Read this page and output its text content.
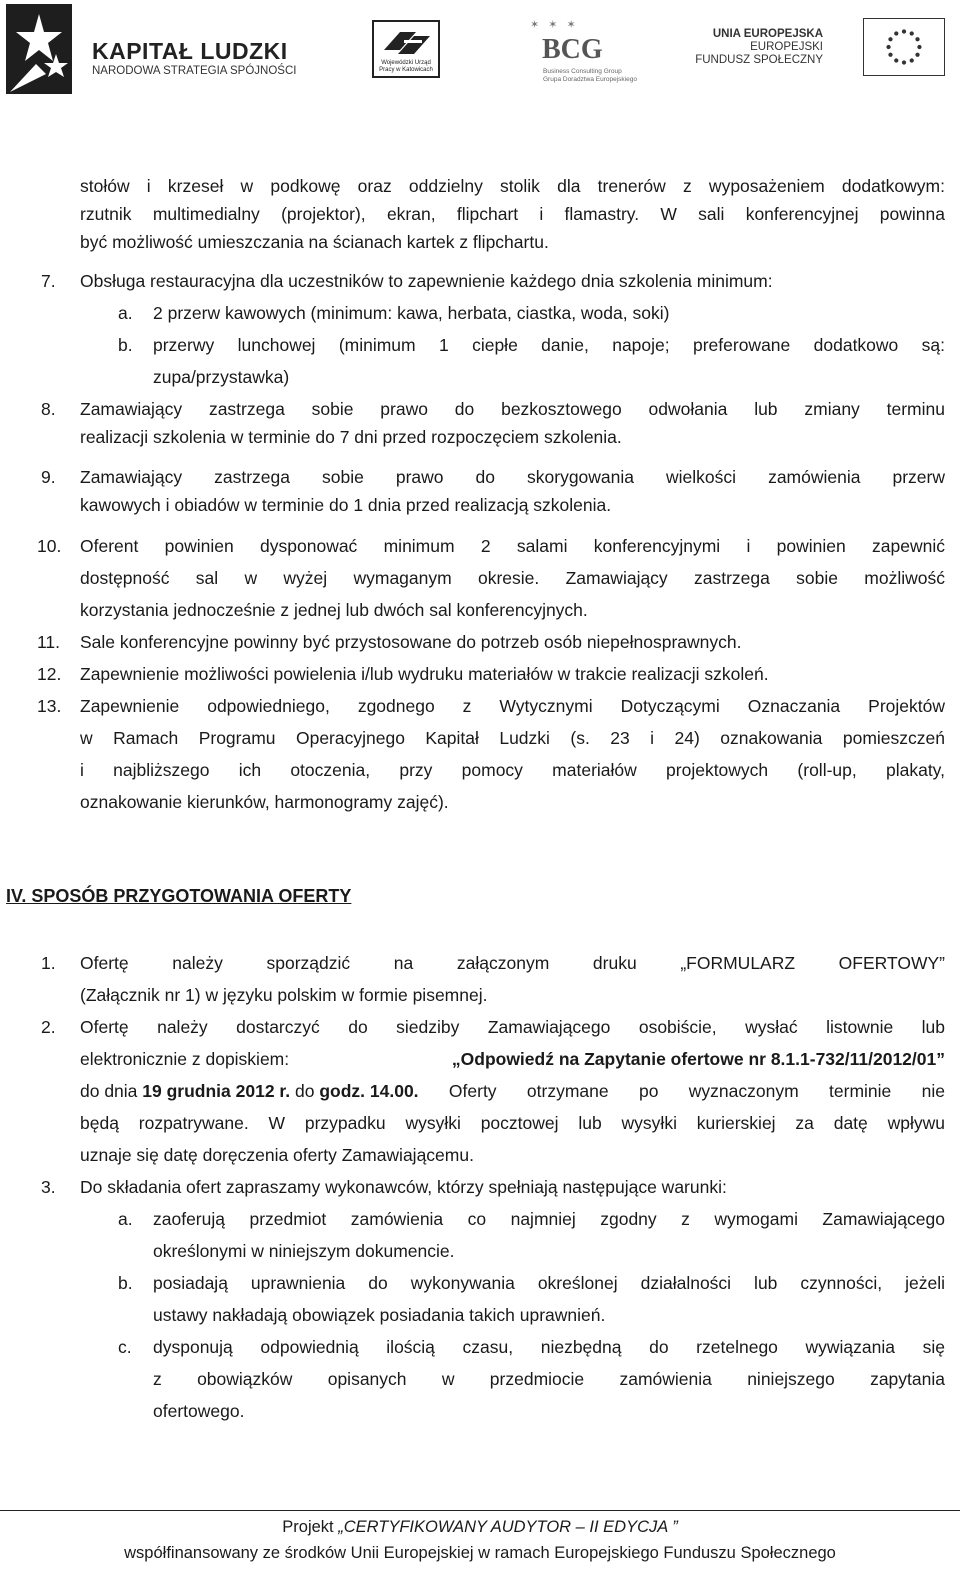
KAPITAŁ LUDZKI
NARODOWA STRATEGIA SPÓJNOŚCI
Wojewódzki Urząd Pracy w Katowicach
✶ ✶ ✶
BCG
Business Consulting Group
Grupa Doradztwa Europejskiego
UNIA EUROPEJSKA
EUROPEJSKI
FUNDUSZ SPOŁECZNY
stołów i krzeseł w podkowę oraz oddzielny stolik dla trenerów z wyposażeniem dodatkowym:
rzutnik multimedialny (projektor), ekran, flipchart i flamastry. W sali konferencyjnej powinna
być możliwość umieszczania na ścianach kartek z flipchartu.
7. Obsługa restauracyjna dla uczestników to zapewnienie każdego dnia szkolenia minimum:
a. 2 przerw kawowych (minimum: kawa, herbata, ciastka, woda, soki)
b. przerwy lunchowej (minimum 1 ciepłe danie, napoje; preferowane dodatkowo są:
zupa/przystawka)
8. Zamawiający zastrzega sobie prawo do bezkosztowego odwołania lub zmiany terminu
realizacji szkolenia w terminie do 7 dni przed rozpoczęciem szkolenia.
9. Zamawiający zastrzega sobie prawo do skorygowania wielkości zamówienia przerw
kawowych i obiadów w terminie do 1 dnia przed realizacją szkolenia.
10. Oferent powinien dysponować minimum 2 salami konferencyjnymi i powinien zapewnić
dostępność sal w wyżej wymaganym okresie. Zamawiający zastrzega sobie możliwość
korzystania jednocześnie z jednej lub dwóch sal konferencyjnych.
11. Sale konferencyjne powinny być przystosowane do potrzeb osób niepełnosprawnych.
12. Zapewnienie możliwości powielenia i/lub wydruku materiałów w trakcie realizacji szkoleń.
13. Zapewnienie odpowiedniego, zgodnego z Wytycznymi Dotyczącymi Oznaczania Projektów
w Ramach Programu Operacyjnego Kapitał Ludzki (s. 23 i 24) oznakowania pomieszczeń
i najbliższego ich otoczenia, przy pomocy materiałów projektowych (roll-up, plakaty,
oznakowanie kierunków, harmonogramy zajęć).
IV. SPOSÓB PRZYGOTOWANIA OFERTY
1. Ofertę należy sporządzić na załączonym druku „FORMULARZ OFERTOWY”
(Załącznik nr 1) w języku polskim w formie pisemnej.
2. Ofertę należy dostarczyć do siedziby Zamawiającego osobiście, wysłać listownie lub
elektronicznie z dopiskiem:	„Odpowiedź na Zapytanie ofertowe nr 8.1.1-732/11/2012/01”
do dnia 19 grudnia 2012 r. do godz. 14.00. Oferty otrzymane po wyznaczonym terminie nie
będą rozpatrywane. W przypadku wysyłki pocztowej lub wysyłki kurierskiej za datę wpływu
uznaje się datę doręczenia oferty Zamawiającemu.
3. Do składania ofert zapraszamy wykonawców, którzy spełniają następujące warunki:
a. zaoferują przedmiot zamówienia co najmniej zgodny z wymogami Zamawiającego
określonymi w niniejszym dokumencie.
b. posiadają uprawnienia do wykonywania określonej działalności lub czynności, jeżeli
ustawy nakładają obowiązek posiadania takich uprawnień.
c. dysponują odpowiednią ilością czasu, niezbędną do rzetelnego wywiązania się
z obowiązków opisanych w przedmiocie zamówienia niniejszego zapytania
ofertowego.
Projekt „CERTYFIKOWANY AUDYTOR – II EDYCJA ”
współfinansowany ze środków Unii Europejskiej w ramach Europejskiego Funduszu Społecznego
